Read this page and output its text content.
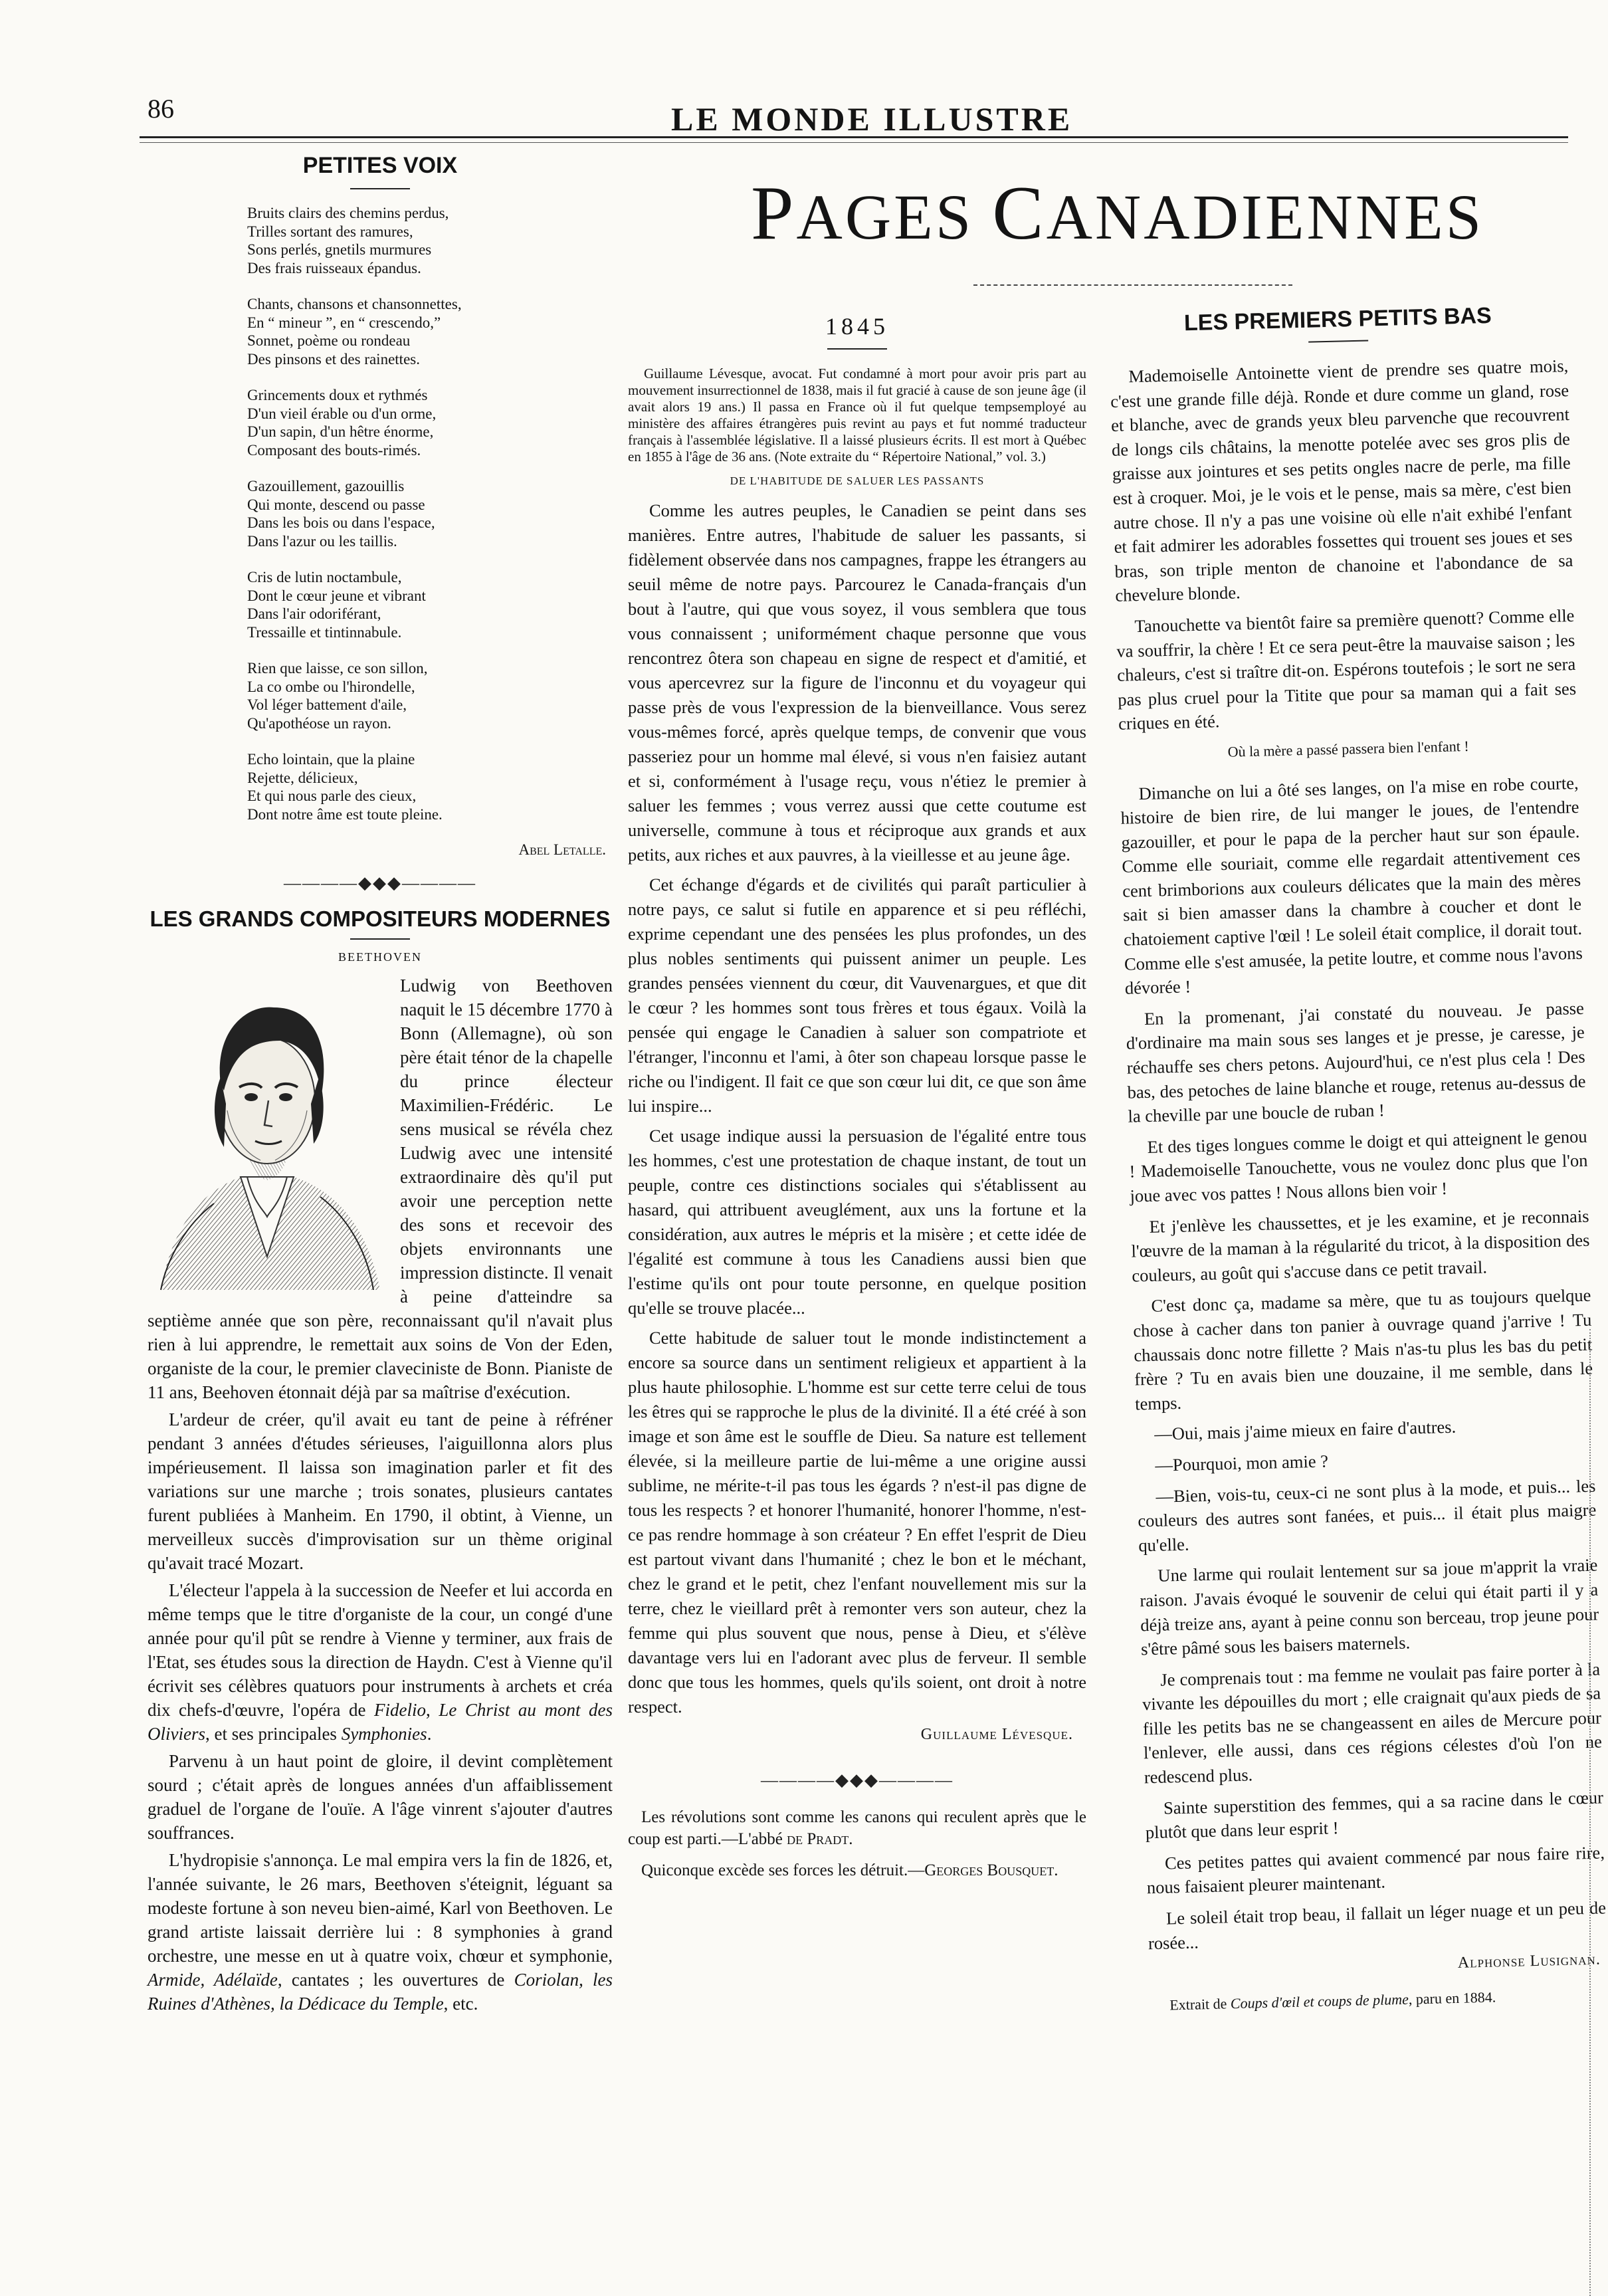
86	LE MONDE ILLUSTRE
PAGES CANADIENNES
PETITES VOIX
Bruits clairs des chemins perdus,
Trilles sortant des ramures,
Sons perlés, gnetils murmures
Des frais ruisseaux épandus.
Chants, chansons et chansonnettes,
En “ mineur ”, en “ crescendo,”
Sonnet, poème ou rondeau
Des pinsons et des rainettes.
Grincements doux et rythmés
D'un vieil érable ou d'un orme,
D'un sapin, d'un hêtre énorme,
Composant des bouts-rimés.
Gazouillement, gazouillis
Qui monte, descend ou passe
Dans les bois ou dans l'espace,
Dans l'azur ou les taillis.
Cris de lutin noctambule,
Dont le cœur jeune et vibrant
Dans l'air odoriférant,
Tressaille et tintinnabule.
Rien que laisse, ce son sillon,
La co ombe ou l'hirondelle,
Vol léger battement d'aile,
Qu'apothéose un rayon.
Echo lointain, que la plaine
Rejette, délicieux,
Et qui nous parle des cieux,
Dont notre âme est toute pleine.
Abel Letalle.
————◆◆◆————
LES GRANDS COMPOSITEURS MODERNES
BEETHOVEN

Ludwig von Beethoven naquit le 15 décembre 1770 à Bonn (Allemagne), où son père était ténor de la chapelle du prince électeur Maximilien-Frédéric. Le sens musical se révéla chez Ludwig avec une intensité extraordinaire dès qu'il put avoir une perception nette des sons et recevoir des objets environnants une impression distincte. Il venait à peine d'atteindre sa septième année que son père, reconnaissant qu'il n'avait plus rien à lui apprendre, le remettait aux soins de Von der Eden, organiste de la cour, le premier claveciniste de Bonn. Pianiste de 11 ans, Beehoven étonnait déjà par sa maîtrise d'exécution.

L'ardeur de créer, qu'il avait eu tant de peine à réfréner pendant 3 années d'études sérieuses, l'aiguillonna alors plus impérieusement. Il laissa son imagination parler et fit des variations sur une marche ; trois sonates, plusieurs cantates furent publiées à Manheim. En 1790, il obtint, à Vienne, un merveilleux succès d'improvisation sur un thème original qu'avait tracé Mozart.

L'électeur l'appela à la succession de Neefer et lui accorda en même temps que le titre d'organiste de la cour, un congé d'une année pour qu'il pût se rendre à Vienne y terminer, aux frais de l'Etat, ses études sous la direction de Haydn. C'est à Vienne qu'il écrivit ses célèbres quatuors pour instruments à archets et créa dix chefs-d'œuvre, l'opéra de Fidelio, Le Christ au mont des Oliviers, et ses principales Symphonies.

Parvenu à un haut point de gloire, il devint complètement sourd ; c'était après de longues années d'un affaiblissement graduel de l'organe de l'ouïe. A l'âge vinrent s'ajouter d'autres souffrances.

L'hydropisie s'annonça. Le mal empira vers la fin de 1826, et, l'année suivante, le 26 mars, Beethoven s'éteignit, léguant sa modeste fortune à son neveu bien-aimé, Karl von Beethoven. Le grand artiste laissait derrière lui : 8 symphonies à grand orchestre, une messe en ut à quatre voix, chœur et symphonie, Armide, Adélaïde, cantates ; les ouvertures de Coriolan, les Ruines d'Athènes, la Dédicace du Temple, etc.

1845

Guillaume Lévesque, avocat. Fut condamné à mort pour avoir pris part au mouvement insurrectionnel de 1838, mais il fut gracié à cause de son jeune âge (il avait alors 19 ans.) Il passa en France où il fut quelque tempsemployé au ministère des affaires étrangères puis revint au pays et fut nommé traducteur français à l'assemblée législative. Il a laissé plusieurs écrits. Il est mort à Québec en 1855 à l'âge de 36 ans. (Note extraite du “ Répertoire National,” vol. 3.)

DE L'HABITUDE DE SALUER LES PASSANTS

Comme les autres peuples, le Canadien se peint dans ses manières. Entre autres, l'habitude de saluer les passants, si fidèlement observée dans nos campagnes, frappe les étrangers au seuil même de notre pays. Parcourez le Canada-français d'un bout à l'autre, qui que vous soyez, il vous semblera que tous vous connaissent ; uniformément chaque personne que vous rencontrez ôtera son chapeau en signe de respect et d'amitié, et vous apercevrez sur la figure de l'inconnu et du voyageur qui passe près de vous l'expression de la bienveillance. Vous serez vous-mêmes forcé, après quelque temps, de convenir que vous passeriez pour un homme mal élevé, si vous n'en faisiez autant et si, conformément à l'usage reçu, vous n'étiez le premier à saluer les femmes ; vous verrez aussi que cette coutume est universelle, commune à tous et réciproque aux grands et aux petits, aux riches et aux pauvres, à la vieillesse et au jeune âge.

Cet échange d'égards et de civilités qui paraît particulier à notre pays, ce salut si futile en apparence et si peu réfléchi, exprime cependant une des pensées les plus profondes, un des plus nobles sentiments qui puissent animer un peuple. Les grandes pensées viennent du cœur, dit Vauvenargues, et que dit le cœur ? les hommes sont tous frères et tous égaux. Voilà la pensée qui engage le Canadien à saluer son compatriote et l'étranger, l'inconnu et l'ami, à ôter son chapeau lorsque passe le riche ou l'indigent. Il fait ce que son cœur lui dit, ce que son âme lui inspire...

Cet usage indique aussi la persuasion de l'égalité entre tous les hommes, c'est une protestation de chaque instant, de tout un peuple, contre ces distinctions sociales qui s'établissent au hasard, qui attribuent aveuglément, aux uns la fortune et la considération, aux autres le mépris et la misère ; et cette idée de l'égalité est commune à tous les Canadiens aussi bien que l'estime qu'ils ont pour toute personne, en quelque position qu'elle se trouve placée...

Cette habitude de saluer tout le monde indistinctement a encore sa source dans un sentiment religieux et appartient à la plus haute philosophie. L'homme est sur cette terre celui de tous les êtres qui se rapproche le plus de la divinité. Il a été créé à son image et son âme est le souffle de Dieu. Sa nature est tellement élevée, si la meilleure partie de lui-même a une origine aussi sublime, ne mérite-t-il pas tous les égards ? n'est-il pas digne de tous les respects ? et honorer l'humanité, honorer l'homme, n'est-ce pas rendre hommage à son créateur ? En effet l'esprit de Dieu est partout vivant dans l'humanité ; chez le bon et le méchant, chez le grand et le petit, chez l'enfant nouvellement mis sur la terre, chez le vieillard prêt à remonter vers son auteur, chez la femme qui plus souvent que nous, pense à Dieu, et s'élève davantage vers lui en l'adorant avec plus de ferveur. Il semble donc que tous les hommes, quels qu'ils soient, ont droit à notre respect.

Guillaume Lévesque.
————◆◆◆————

Les révolutions sont comme les canons qui reculent après que le coup est parti.—L'abbé de Pradt.

Quiconque excède ses forces les détruit.—Georges Bousquet.

LES PREMIERS PETITS BAS

Mademoiselle Antoinette vient de prendre ses quatre mois, c'est une grande fille déjà. Ronde et dure comme un gland, rose et blanche, avec de grands yeux bleu parvenche que recouvrent de longs cils châtains, la menotte potelée avec ses gros plis de graisse aux jointures et ses petits ongles nacre de perle, ma fille est à croquer. Moi, je le vois et le pense, mais sa mère, c'est bien autre chose. Il n'y a pas une voisine où elle n'ait exhibé l'enfant et fait admirer les adorables fossettes qui trouent ses joues et ses bras, son triple menton de chanoine et l'abondance de sa chevelure blonde.

Tanouchette va bientôt faire sa première quenott? Comme elle va souffrir, la chère ! Et ce sera peut-être la mauvaise saison ; les chaleurs, c'est si traître dit-on. Espérons toutefois ; le sort ne sera pas plus cruel pour la Titite que pour sa maman qui a fait ses criques en été.

Où la mère a passé passera bien l'enfant !

Dimanche on lui a ôté ses langes, on l'a mise en robe courte, histoire de bien rire, de lui manger le joues, de l'entendre gazouiller, et pour le papa de la percher haut sur son épaule. Comme elle souriait, comme elle regardait attentivement ces cent brimborions aux couleurs délicates que la main des mères sait si bien amasser dans la chambre à coucher et dont le chatoiement captive l'œil ! Le soleil était complice, il dorait tout. Comme elle s'est amusée, la petite loutre, et comme nous l'avons dévorée !

En la promenant, j'ai constaté du nouveau. Je passe d'ordinaire ma main sous ses langes et je presse, je caresse, je réchauffe ses chers petons. Aujourd'hui, ce n'est plus cela ! Des bas, des petoches de laine blanche et rouge, retenus au-dessus de la cheville par une boucle de ruban !

Et des tiges longues comme le doigt et qui atteignent le genou ! Mademoiselle Tanouchette, vous ne voulez donc plus que l'on joue avec vos pattes ! Nous allons bien voir !

Et j'enlève les chaussettes, et je les examine, et je reconnais l'œuvre de la maman à la régularité du tricot, à la disposition des couleurs, au goût qui s'accuse dans ce petit travail.

C'est donc ça, madame sa mère, que tu as toujours quelque chose à cacher dans ton panier à ouvrage quand j'arrive ! Tu chaussais donc notre fillette ? Mais n'as-tu plus les bas du petit frère ? Tu en avais bien une douzaine, il me semble, dans le temps.

—Oui, mais j'aime mieux en faire d'autres.

—Pourquoi, mon amie ?

—Bien, vois-tu, ceux-ci ne sont plus à la mode, et puis... les couleurs des autres sont fanées, et puis... il était plus maigre qu'elle.

Une larme qui roulait lentement sur sa joue m'apprit la vraie raison. J'avais évoqué le souvenir de celui qui était parti il y a déjà treize ans, ayant à peine connu son berceau, trop jeune pour s'être pâmé sous les baisers maternels.

Je comprenais tout : ma femme ne voulait pas faire porter à la vivante les dépouilles du mort ; elle craignait qu'aux pieds de sa fille les petits bas ne se changeassent en ailes de Mercure pour l'enlever, elle aussi, dans ces régions célestes d'où l'on ne redescend plus.

Sainte superstition des femmes, qui a sa racine dans le cœur plutôt que dans leur esprit !

Ces petites pattes qui avaient commencé par nous faire rire, nous faisaient pleurer maintenant.

Le soleil était trop beau, il fallait un léger nuage et un peu de rosée...

Alphonse Lusignan.
Extrait de Coups d'œil et coups de plume, paru en 1884.
